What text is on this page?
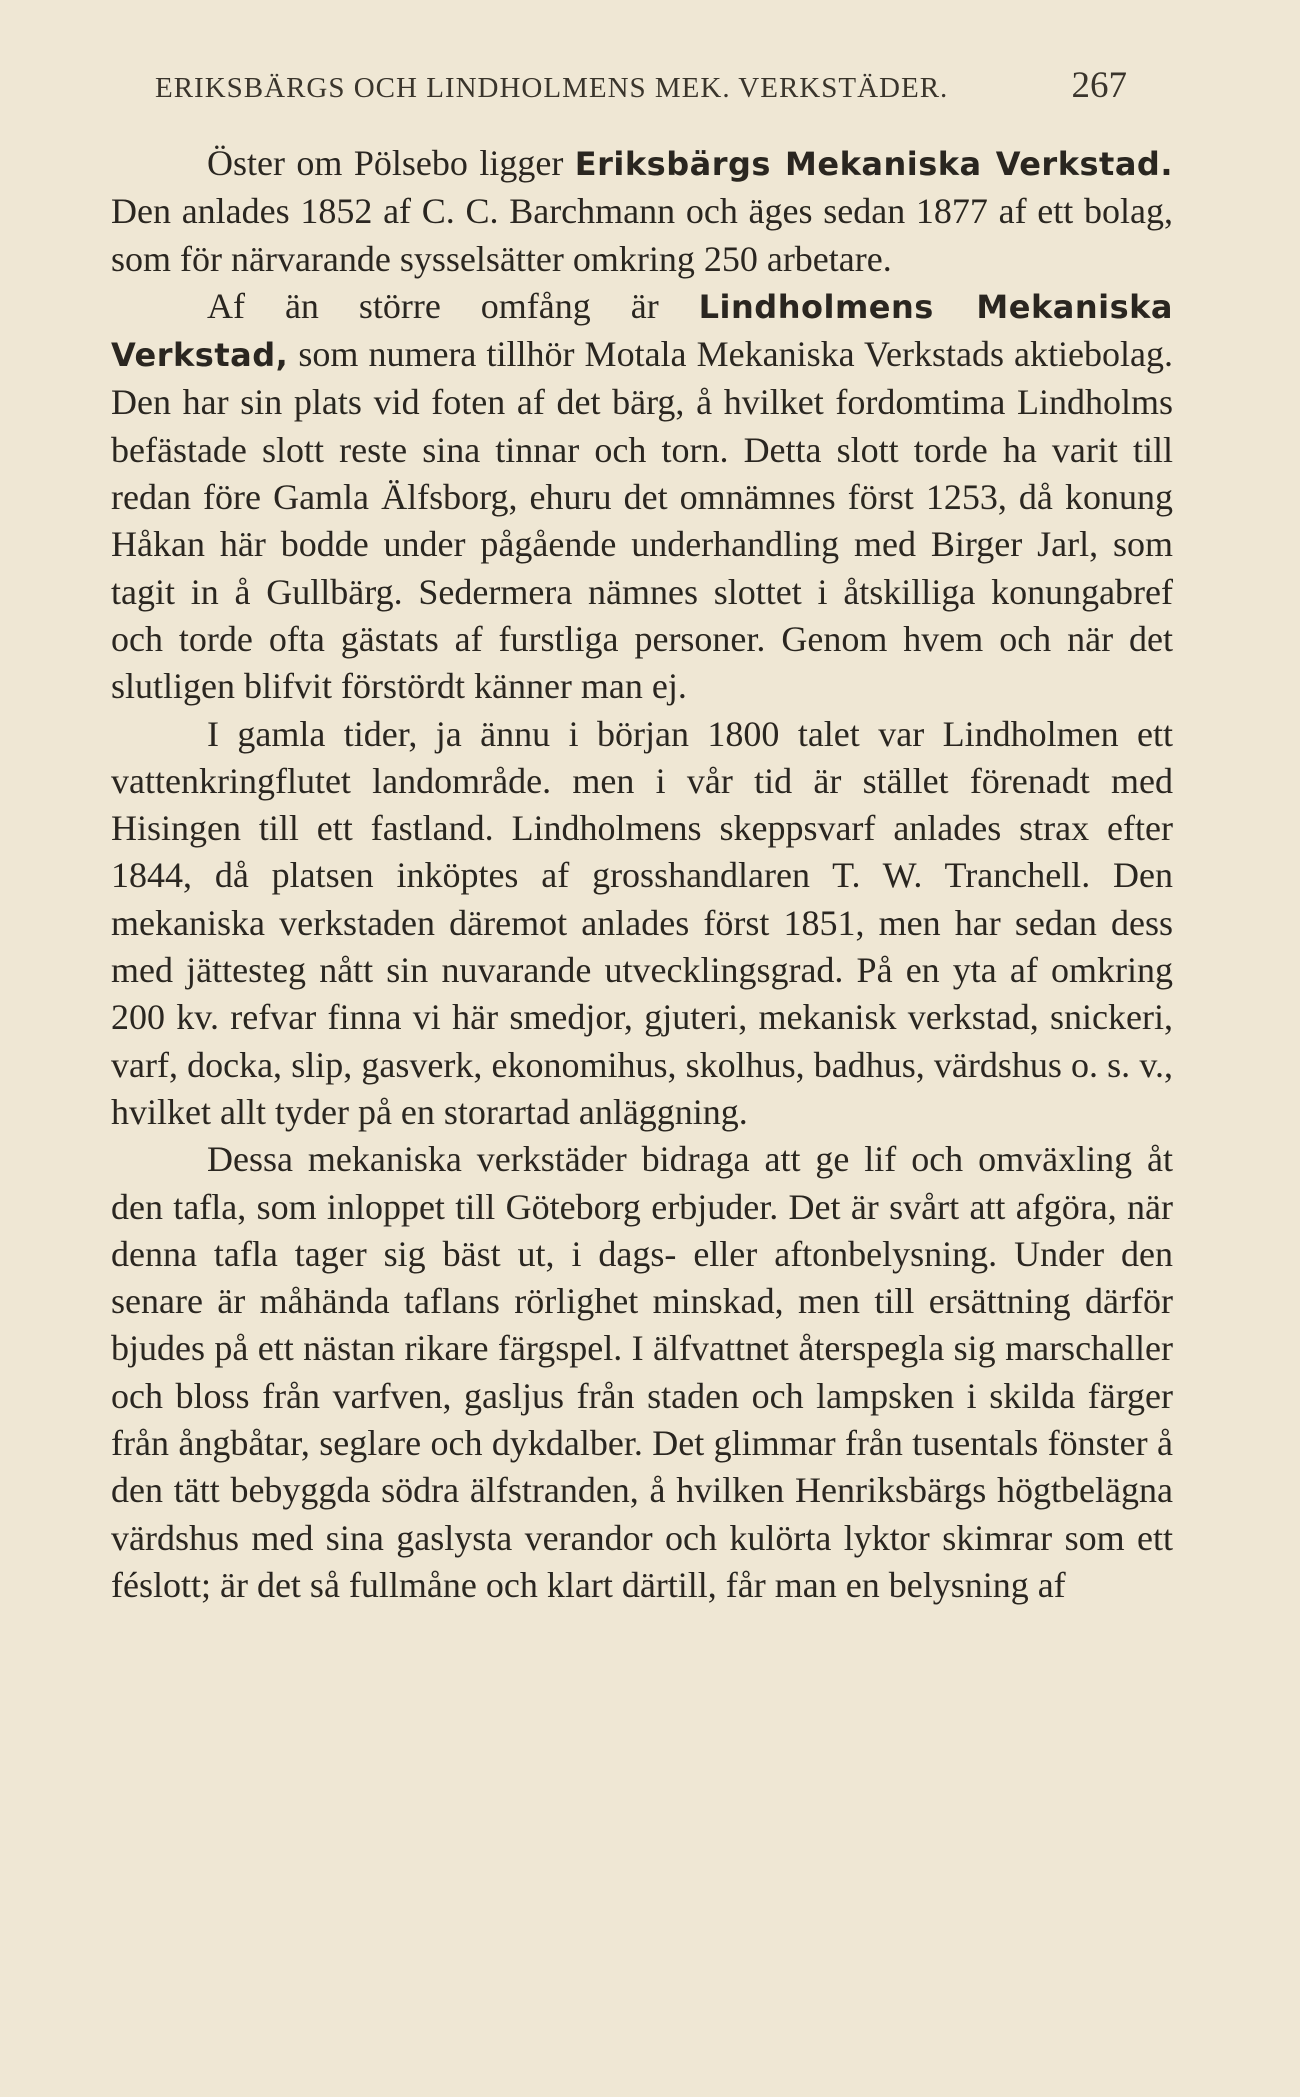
ERIKSBÄRGS OCH LINDHOLMENS MEK. VERKSTÄDER.	267

Öster om Pölsebo ligger Eriksbärgs Mekaniska Verkstad. Den anlades 1852 af C. C. Barchmann och äges sedan 1877 af ett bolag, som för närvarande sysselsätter omkring 250 arbetare.

Af än större omfång är Lindholmens Mekaniska Verkstad, som numera tillhör Motala Mekaniska Verkstads aktiebolag. Den har sin plats vid foten af det bärg, å hvilket fordomtima Lindholms befästade slott reste sina tinnar och torn. Detta slott torde ha varit till redan före Gamla Älfsborg, ehuru det omnämnes först 1253, då konung Håkan här bodde under pågående underhandling med Birger Jarl, som tagit in å Gullbärg. Sedermera nämnes slottet i åtskilliga konungabref och torde ofta gästats af furstliga personer. Genom hvem och när det slutligen blifvit förstördt känner man ej.

I gamla tider, ja ännu i början 1800 talet var Lindholmen ett vattenkringflutet landområde. men i vår tid är stället förenadt med Hisingen till ett fastland. Lindholmens skeppsvarf anlades strax efter 1844, då platsen inköptes af grosshandlaren T. W. Tranchell. Den mekaniska verkstaden däremot anlades först 1851, men har sedan dess med jättesteg nått sin nuvarande utvecklingsgrad. På en yta af omkring 200 kv. refvar finna vi här smedjor, gjuteri, mekanisk verkstad, snickeri, varf, docka, slip, gasverk, ekonomihus, skolhus, badhus, värdshus o. s. v., hvilket allt tyder på en storartad anläggning.

Dessa mekaniska verkstäder bidraga att ge lif och omväxling åt den tafla, som inloppet till Göteborg erbjuder. Det är svårt att afgöra, när denna tafla tager sig bäst ut, i dags- eller aftonbelysning. Under den senare är måhända taflans rörlighet minskad, men till ersättning därför bjudes på ett nästan rikare färgspel. I älfvattnet återspegla sig marschaller och bloss från varfven, gasljus från staden och lampsken i skilda färger från ångbåtar, seglare och dykdalber. Det glimmar från tusentals fönster å den tätt bebyggda södra älfstranden, å hvilken Henriksbärgs högtbelägna värdshus med sina gaslysta verandor och kulörta lyktor skimrar som ett féslott; är det så fullmåne och klart därtill, får man en belysning af
